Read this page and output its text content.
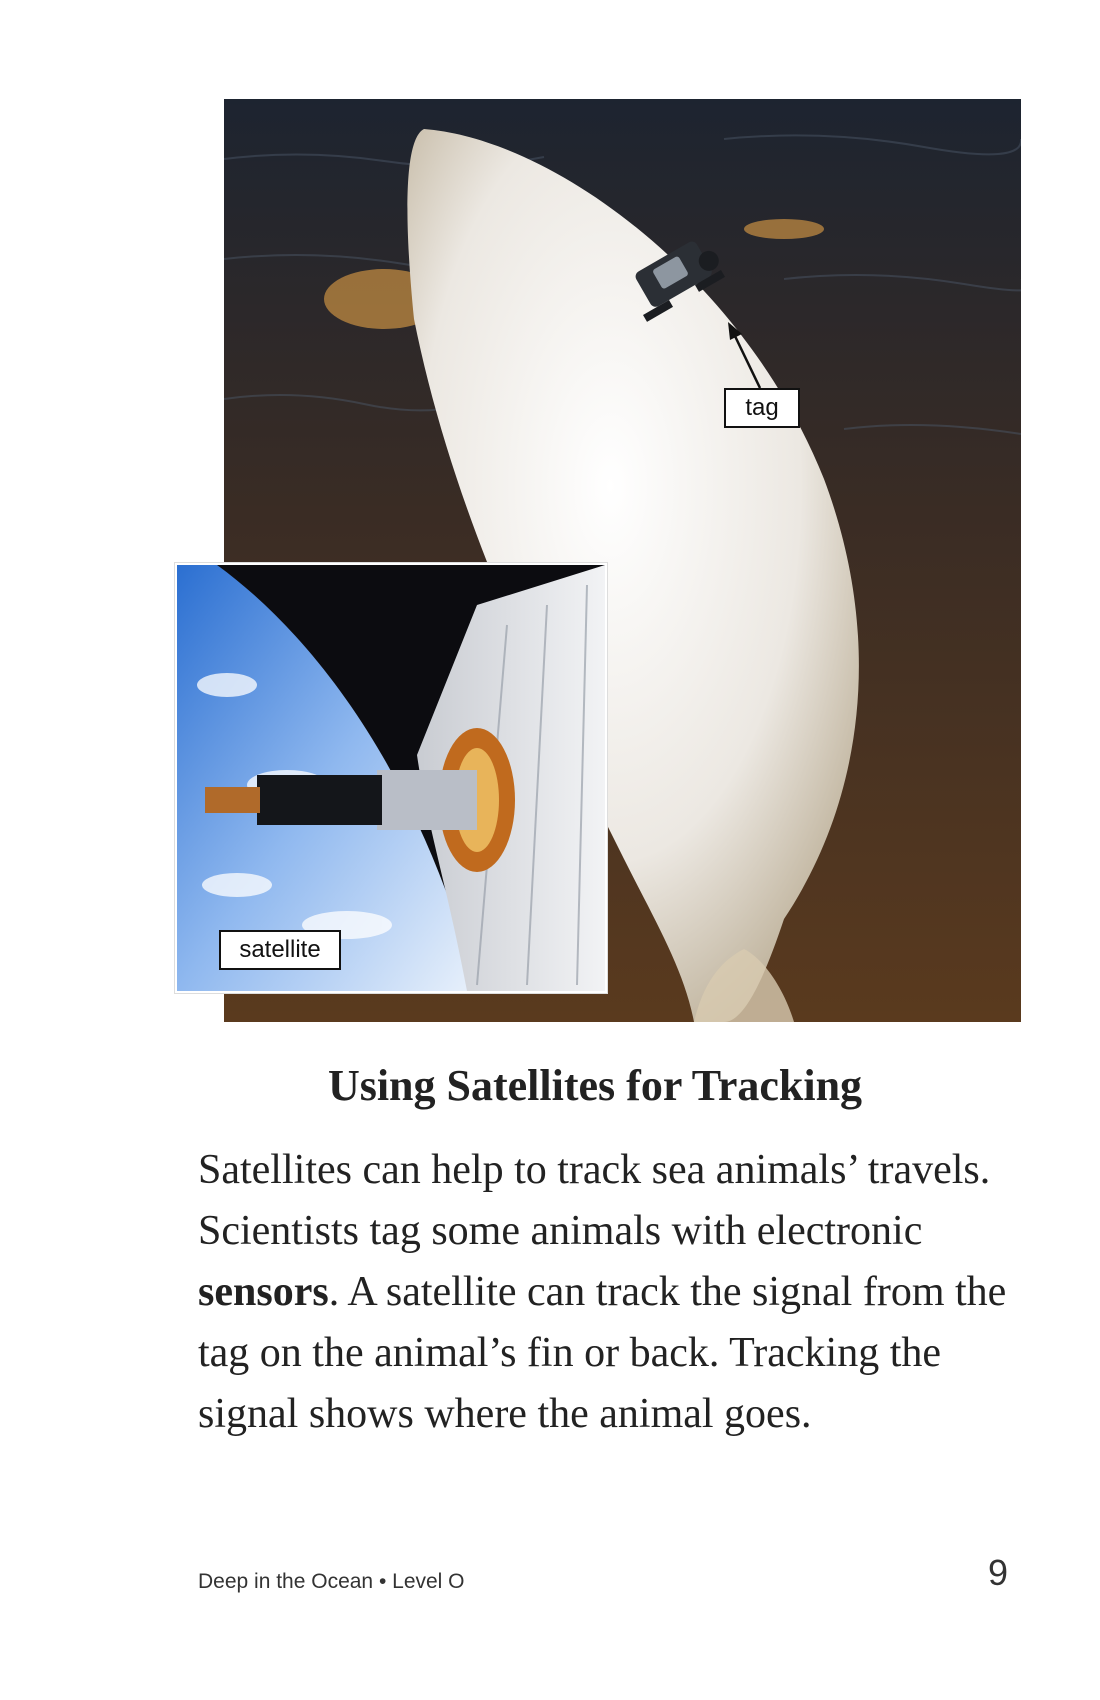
tag
satellite
Using Satellites for Tracking

Satellites can help to track sea animals’ travels. Scientists tag some animals with electronic sensors. A satellite can track the signal from the tag on the animal’s fin or back. Tracking the signal shows where the animal goes.

Deep in the Ocean • Level O	9
